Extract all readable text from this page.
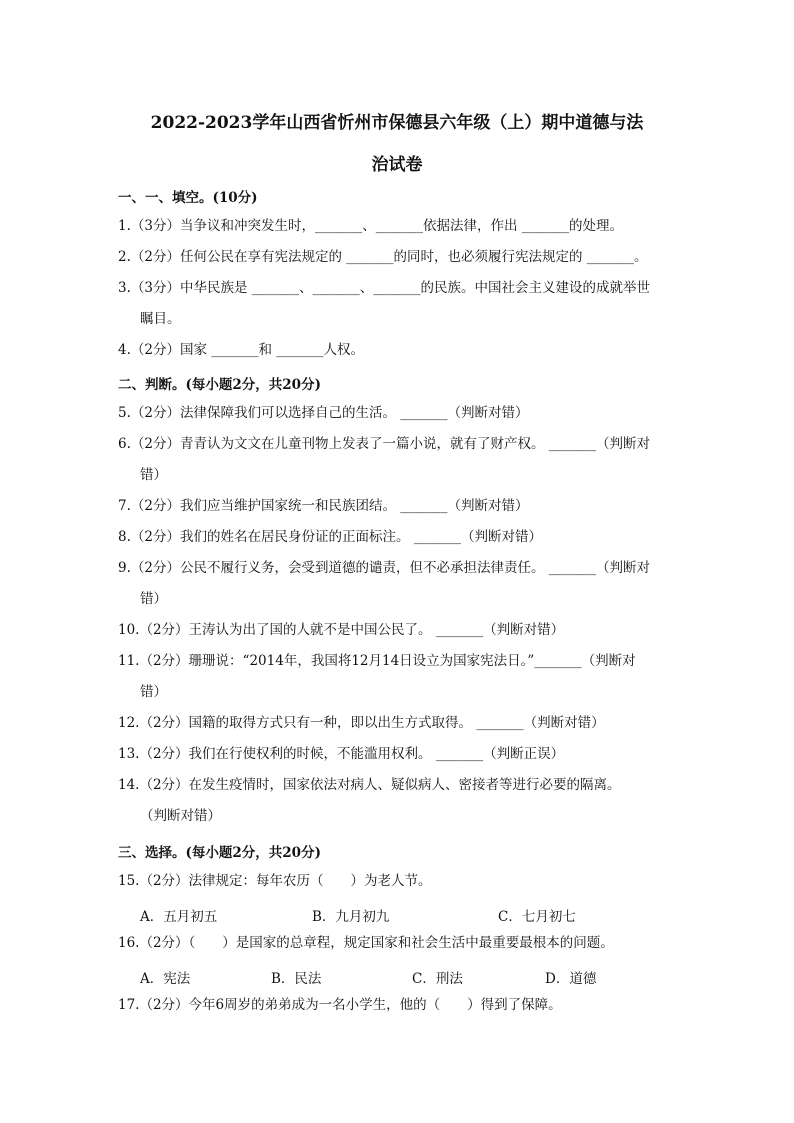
2022-2023学年山西省忻州市保德县六年级（上）期中道德与法
治试卷
一、一、填空。(10分)
1.（3分）当争议和冲突发生时，_______、_______依据法律，作出 _______的处理。
2.（2分）任何公民在享有宪法规定的 _______的同时，也必须履行宪法规定的 _______。
3.（3分）中华民族是 _______、_______、_______的民族。中国社会主义建设的成就举世
瞩目。
4.（2分）国家 _______和 _______人权。
二、判断。(每小题2分，共20分)
5.（2分）法律保障我们可以选择自己的生活。 _______（判断对错）
6.（2分）青青认为文文在儿童刊物上发表了一篇小说，就有了财产权。 _______（判断对
错）
7.（2分）我们应当维护国家统一和民族团结。 _______（判断对错）
8.（2分）我们的姓名在居民身份证的正面标注。 _______（判断对错）
9.（2分）公民不履行义务，会受到道德的谴责，但不必承担法律责任。 _______（判断对
错）
10.（2分）王涛认为出了国的人就不是中国公民了。 _______（判断对错）
11.（2分）珊珊说：“2014年，我国将12月14日设立为国家宪法日。”_______（判断对
错）
12.（2分）国籍的取得方式只有一种，即以出生方式取得。 _______（判断对错）
13.（2分）我们在行使权利的时候，不能滥用权利。 _______（判断正误）
14.（2分）在发生疫情时，国家依法对病人、疑似病人、密接者等进行必要的隔离。
（判断对错）
三、选择。(每小题2分，共20分)
15.（2分）法律规定：每年农历（　　）为老人节。
A．五月初五	B．九月初九	C．七月初七
16.（2分）（　　）是国家的总章程，规定国家和社会生活中最重要最根本的问题。
A．宪法	B．民法	C．刑法	D．道德
17.（2分）今年6周岁的弟弟成为一名小学生，他的（　　）得到了保障。
